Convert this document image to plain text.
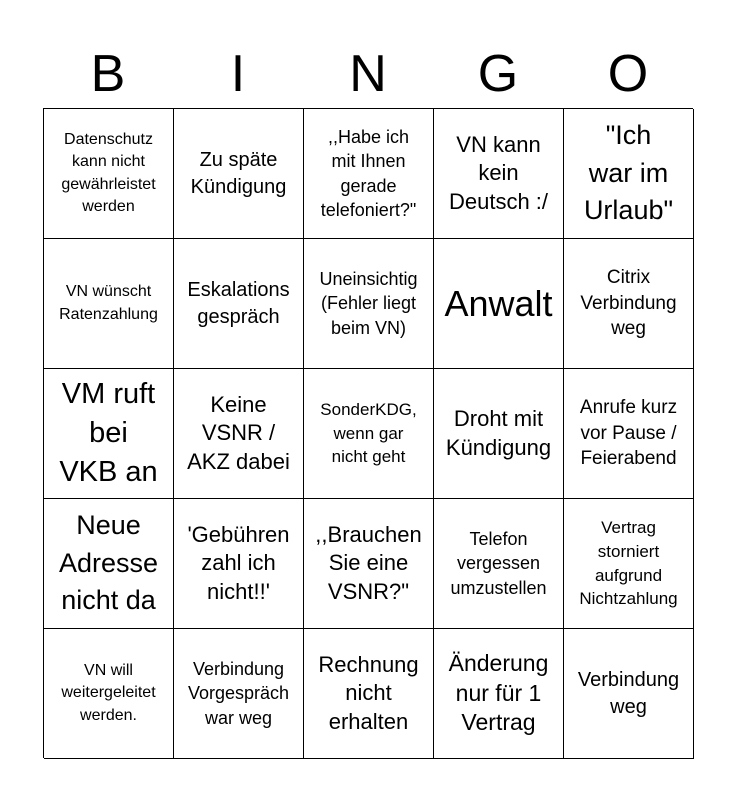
B	I	N	G	O
Datenschutz
kann nicht
gewährleistet
werden
Zu späte
Kündigung
,,Habe ich
mit Ihnen
gerade
telefoniert?"
VN kann
kein
Deutsch :/
"Ich
war im
Urlaub"
VN wünscht
Ratenzahlung
Eskalations
gespräch
Uneinsichtig
(Fehler liegt
beim VN)
Anwalt
Citrix
Verbindung
weg
VM ruft
bei
VKB an
Keine
VSNR /
AKZ dabei
SonderKDG,
wenn gar
nicht geht
Droht mit
Kündigung
Anrufe kurz
vor Pause /
Feierabend
Neue
Adresse
nicht da
'Gebühren
zahl ich
nicht!!'
,,Brauchen
Sie eine
VSNR?"
Telefon
vergessen
umzustellen
Vertrag
storniert
aufgrund
Nichtzahlung
VN will
weitergeleitet
werden.
Verbindung
Vorgespräch
war weg
Rechnung
nicht
erhalten
Änderung
nur für 1
Vertrag
Verbindung
weg
